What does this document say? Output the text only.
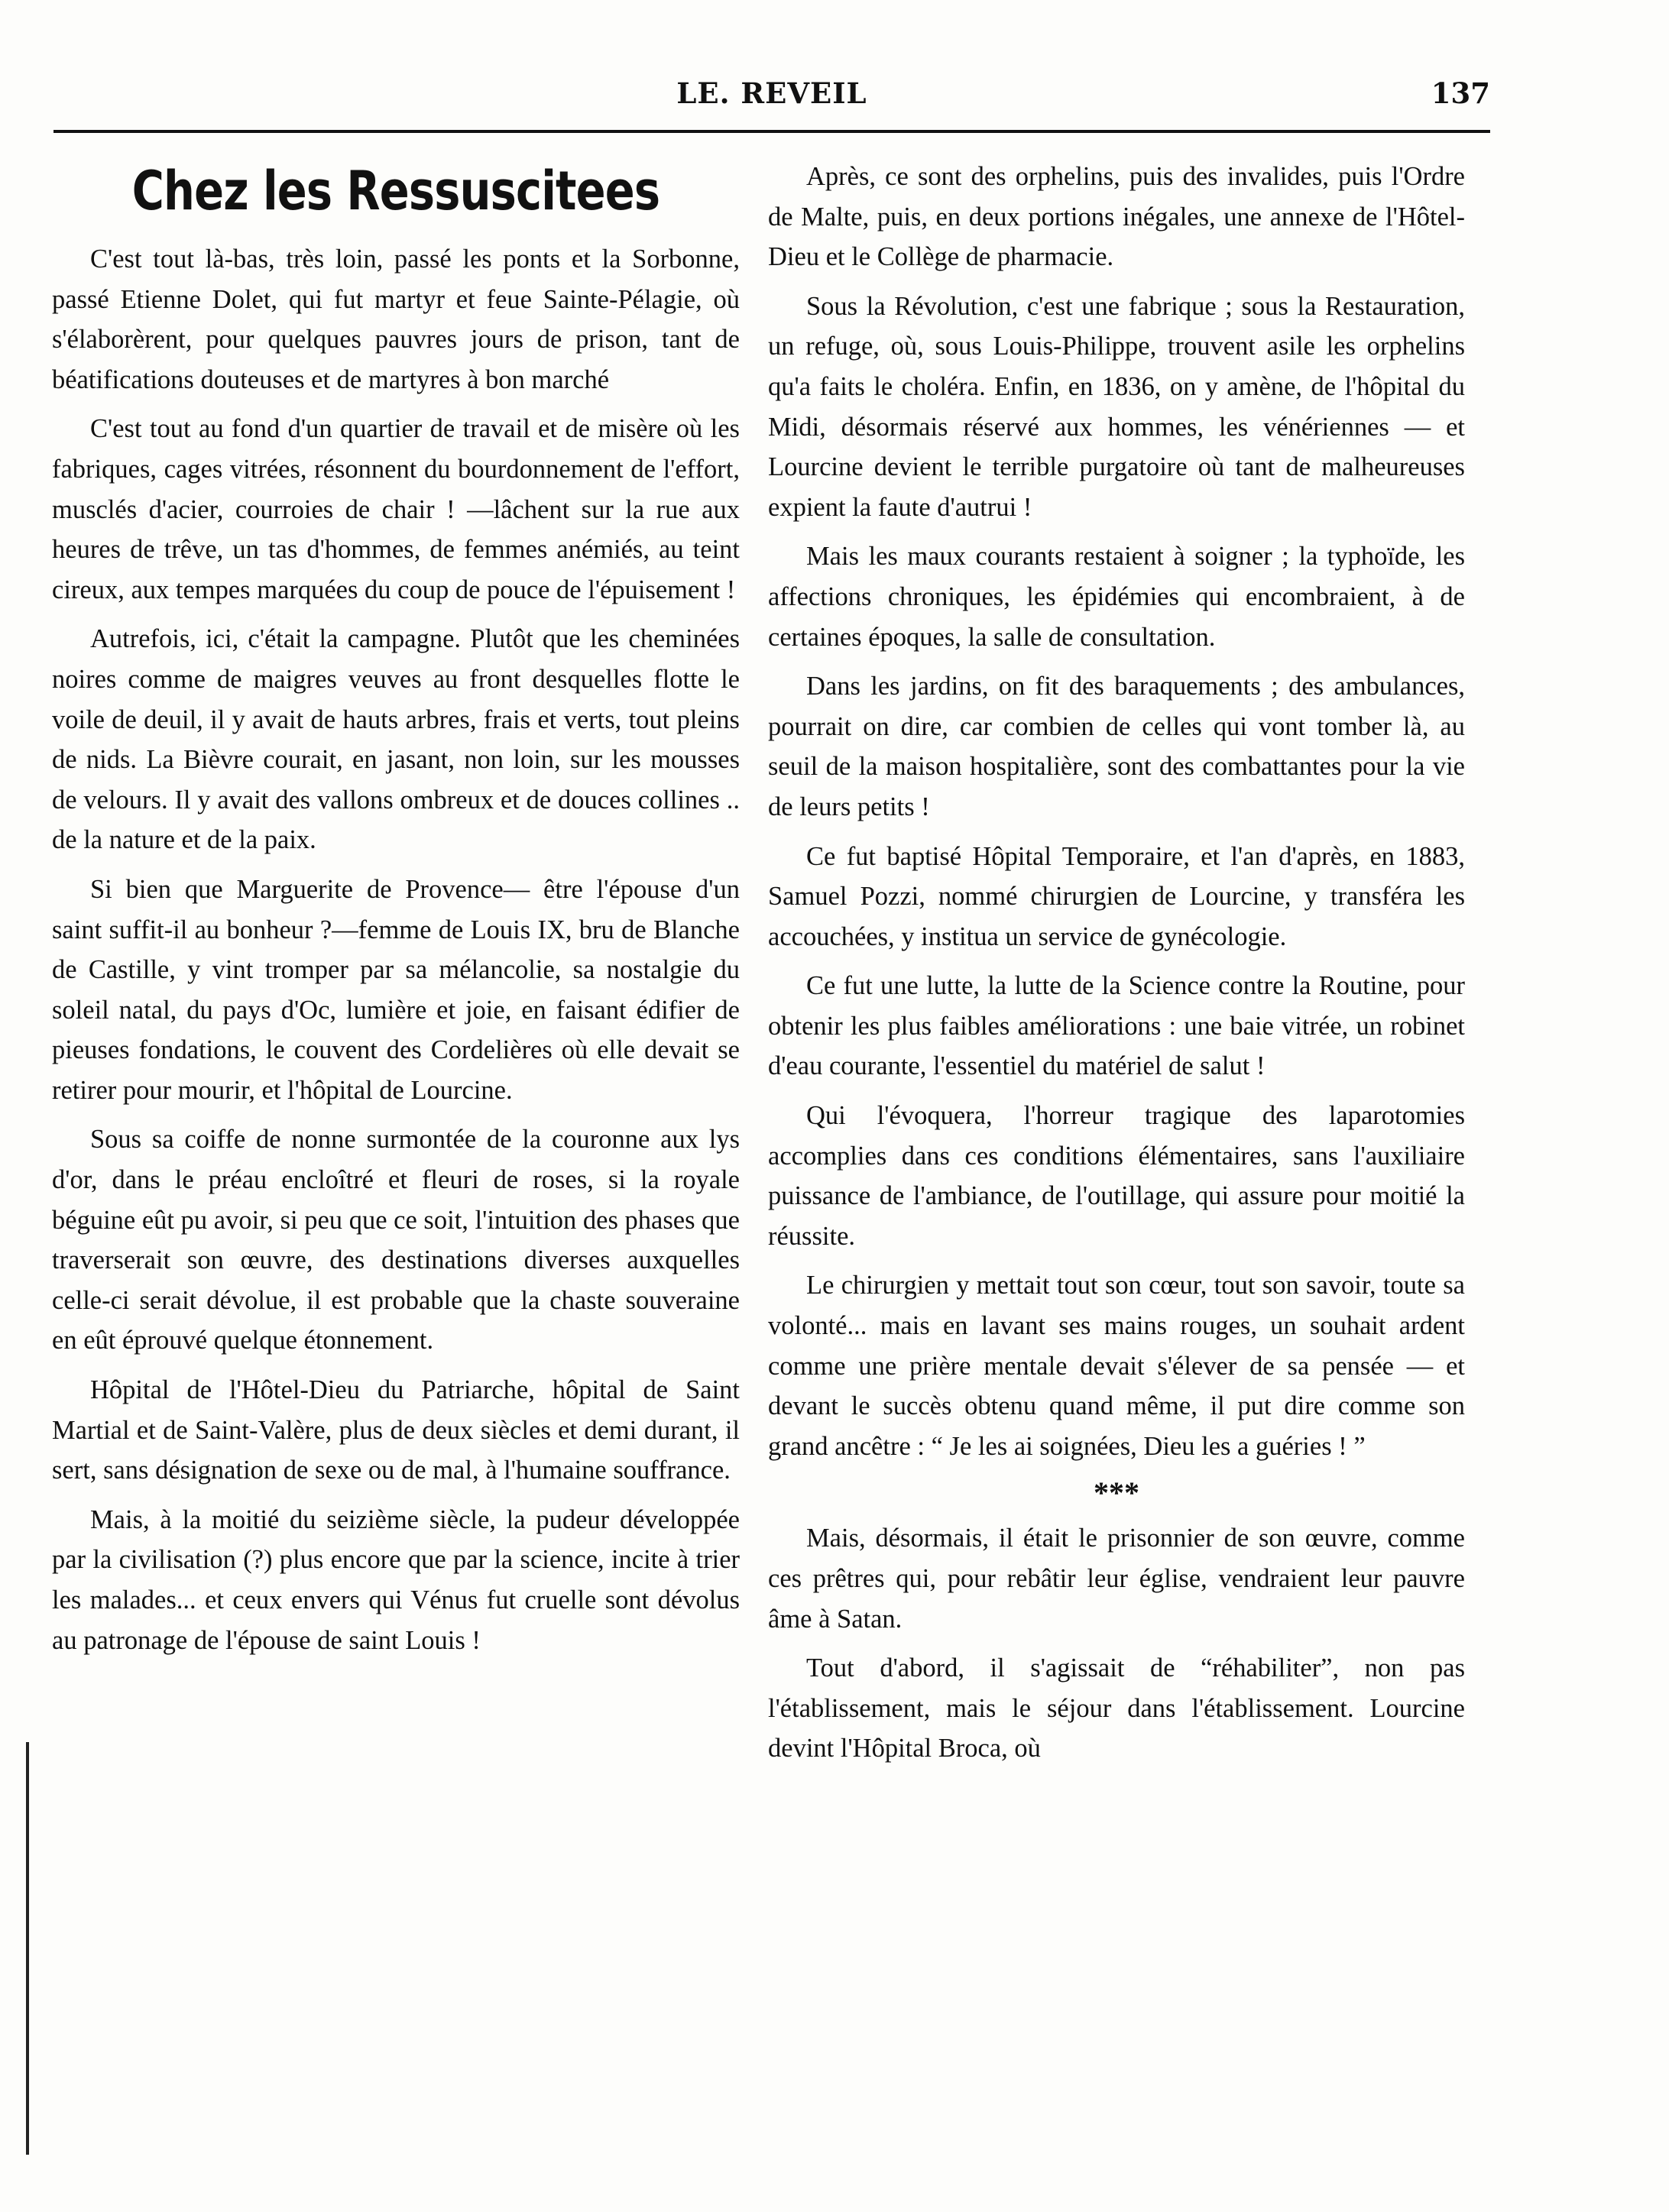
LE. REVEIL	137
Chez les Ressuscitees

C'est tout là-bas, très loin, passé les ponts et la Sorbonne, passé Etienne Dolet, qui fut martyr et feue Sainte-Pélagie, où s'élaborèrent, pour quelques pauvres jours de prison, tant de béatifications douteuses et de martyres à bon marché

C'est tout au fond d'un quartier de travail et de misère où les fabriques, cages vitrées, résonnent du bourdonnement de l'effort, musclés d'acier, courroies de chair ! —lâchent sur la rue aux heures de trêve, un tas d'hommes, de femmes anémiés, au teint cireux, aux tempes marquées du coup de pouce de l'épuisement !

Autrefois, ici, c'était la campagne. Plutôt que les cheminées noires comme de maigres veuves au front desquelles flotte le voile de deuil, il y avait de hauts arbres, frais et verts, tout pleins de nids. La Bièvre courait, en jasant, non loin, sur les mousses de velours. Il y avait des vallons ombreux et de douces collines .. de la nature et de la paix.

Si bien que Marguerite de Provence— être l'épouse d'un saint suffit-il au bonheur ?—femme de Louis IX, bru de Blanche de Castille, y vint tromper par sa mélancolie, sa nostalgie du soleil natal, du pays d'Oc, lumière et joie, en faisant édifier de pieuses fondations, le couvent des Cordelières où elle devait se retirer pour mourir, et l'hôpital de Lourcine.

Sous sa coiffe de nonne surmontée de la couronne aux lys d'or, dans le préau encloîtré et fleuri de roses, si la royale béguine eût pu avoir, si peu que ce soit, l'intuition des phases que traverserait son œuvre, des destinations diverses auxquelles celle-ci serait dévolue, il est probable que la chaste souveraine en eût éprouvé quelque étonnement.

Hôpital de l'Hôtel-Dieu du Patriarche, hôpital de Saint Martial et de Saint-Valère, plus de deux siècles et demi durant, il sert, sans désignation de sexe ou de mal, à l'humaine souffrance.

Mais, à la moitié du seizième siècle, la pudeur développée par la civilisation (?) plus encore que par la science, incite à trier les malades... et ceux envers qui Vénus fut cruelle sont dévolus au patronage de l'épouse de saint Louis !

Après, ce sont des orphelins, puis des invalides, puis l'Ordre de Malte, puis, en deux portions inégales, une annexe de l'Hôtel-Dieu et le Collège de pharmacie.

Sous la Révolution, c'est une fabrique ; sous la Restauration, un refuge, où, sous Louis-Philippe, trouvent asile les orphelins qu'a faits le choléra. Enfin, en 1836, on y amène, de l'hôpital du Midi, désormais réservé aux hommes, les vénériennes — et Lourcine devient le terrible purgatoire où tant de malheureuses expient la faute d'autrui !

Mais les maux courants restaient à soigner ; la typhoïde, les affections chroniques, les épidémies qui encombraient, à de certaines époques, la salle de consultation.

Dans les jardins, on fit des baraquements ; des ambulances, pourrait on dire, car combien de celles qui vont tomber là, au seuil de la maison hospitalière, sont des combattantes pour la vie de leurs petits !

Ce fut baptisé Hôpital Temporaire, et l'an d'après, en 1883, Samuel Pozzi, nommé chirurgien de Lourcine, y transféra les accouchées, y institua un service de gynécologie.

Ce fut une lutte, la lutte de la Science contre la Routine, pour obtenir les plus faibles améliorations : une baie vitrée, un robinet d'eau courante, l'essentiel du matériel de salut !

Qui l'évoquera, l'horreur tragique des laparotomies accomplies dans ces conditions élémentaires, sans l'auxiliaire puissance de l'ambiance, de l'outillage, qui assure pour moitié la réussite.

Le chirurgien y mettait tout son cœur, tout son savoir, toute sa volonté... mais en lavant ses mains rouges, un souhait ardent comme une prière mentale devait s'élever de sa pensée — et devant le succès obtenu quand même, il put dire comme son grand ancêtre : “ Je les ai soignées, Dieu les a guéries ! ”

***

Mais, désormais, il était le prisonnier de son œuvre, comme ces prêtres qui, pour rebâtir leur église, vendraient leur pauvre âme à Satan.

Tout d'abord, il s'agissait de “réhabiliter”, non pas l'établissement, mais le séjour dans l'établissement. Lourcine devint l'Hôpital Broca, où
